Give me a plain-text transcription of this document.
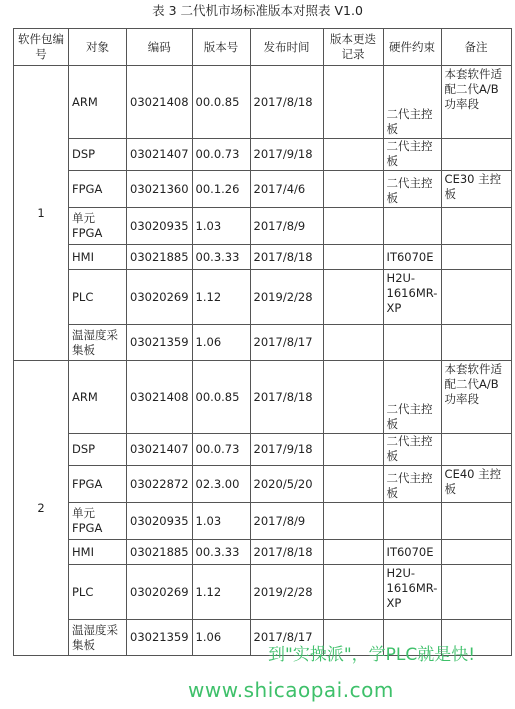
表 3 二代机市场标准版本对照表 V1.0
软件包编号	对象	编码	版本号	发布时间	版本更迭记录	硬件约束	备注
1	ARM	03021408	00.0.85	2017/8/18		二代主控板	本套软件适配二代A/B 功率段
	DSP	03021407	00.0.73	2017/9/18		二代主控板	
	FPGA	03021360	00.1.26	2017/4/6		二代主控板	CE30 主控板
	单元FPGA	03020935	1.03	2017/8/9			
	HMI	03021885	00.3.33	2017/8/18		IT6070E	
	PLC	03020269	1.12	2019/2/28		H2U-1616MR-XP	
	温湿度采集板	03021359	1.06	2017/8/17			
2	ARM	03021408	00.0.85	2017/8/18		二代主控板	本套软件适配二代A/B 功率段
	DSP	03021407	00.0.73	2017/9/18		二代主控板	
	FPGA	03022872	02.3.00	2020/5/20		二代主控板	CE40 主控板
	单元FPGA	03020935	1.03	2017/8/9			
	HMI	03021885	00.3.33	2017/8/18		IT6070E	
	PLC	03020269	1.12	2019/2/28		H2U-1616MR-XP	
	温湿度采集板	03021359	1.06	2017/8/17			
到"实操派"，学PLC就是快!
www.shicaopai.com
